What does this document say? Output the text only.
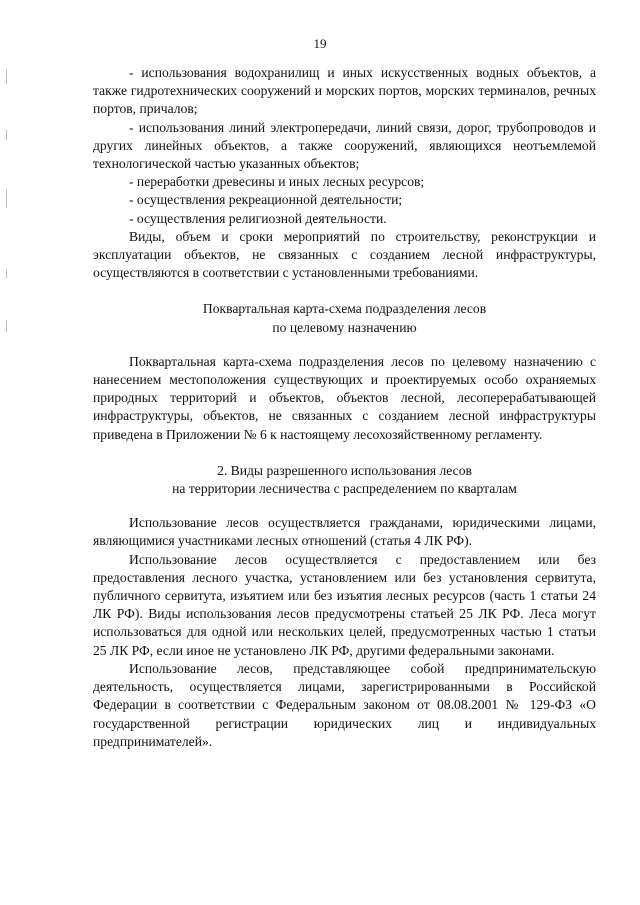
19

- использования водохранилищ и иных искусственных водных объектов, а также гидротехнических сооружений и морских портов, морских терминалов, речных портов, причалов;

- использования линий электропередачи, линий связи, дорог, трубопроводов и других линейных объектов, а также сооружений, являющихся неотъемлемой технологической частью указанных объектов;

- переработки древесины и иных лесных ресурсов;

- осуществления рекреационной деятельности;

- осуществления религиозной деятельности.

Виды, объем и сроки мероприятий по строительству, реконструкции и эксплуатации объектов, не связанных с созданием лесной инфраструктуры, осуществляются в соответствии с установленными требованиями.

Поквартальная карта-схема подразделения лесов
по целевому назначению

Поквартальная карта-схема подразделения лесов по целевому назначению с нанесением местоположения существующих и проектируемых особо охраняемых природных территорий и объектов, объектов лесной, лесоперерабатывающей инфраструктуры, объектов, не связанных с созданием лесной инфраструктуры приведена в Приложении № 6 к настоящему лесохозяйственному регламенту.

2. Виды разрешенного использования лесов
на территории лесничества с распределением по кварталам

Использование лесов осуществляется гражданами, юридическими лицами, являющимися участниками лесных отношений (статья 4 ЛК РФ).

Использование лесов осуществляется с предоставлением или без предоставления лесного участка, установлением или без установления сервитута, публичного сервитута, изъятием или без изъятия лесных ресурсов (часть 1 статьи 24 ЛК РФ). Виды использования лесов предусмотрены статьей 25 ЛК РФ. Леса могут использоваться для одной или нескольких целей, предусмотренных частью 1 статьи 25 ЛК РФ, если иное не установлено ЛК РФ, другими федеральными законами.

Использование лесов, представляющее собой предпринимательскую деятельность, осуществляется лицами, зарегистрированными в Российской Федерации в соответствии с Федеральным законом от 08.08.2001 № 129-ФЗ «О государственной регистрации юридических лиц и индивидуальных предпринимателей».
